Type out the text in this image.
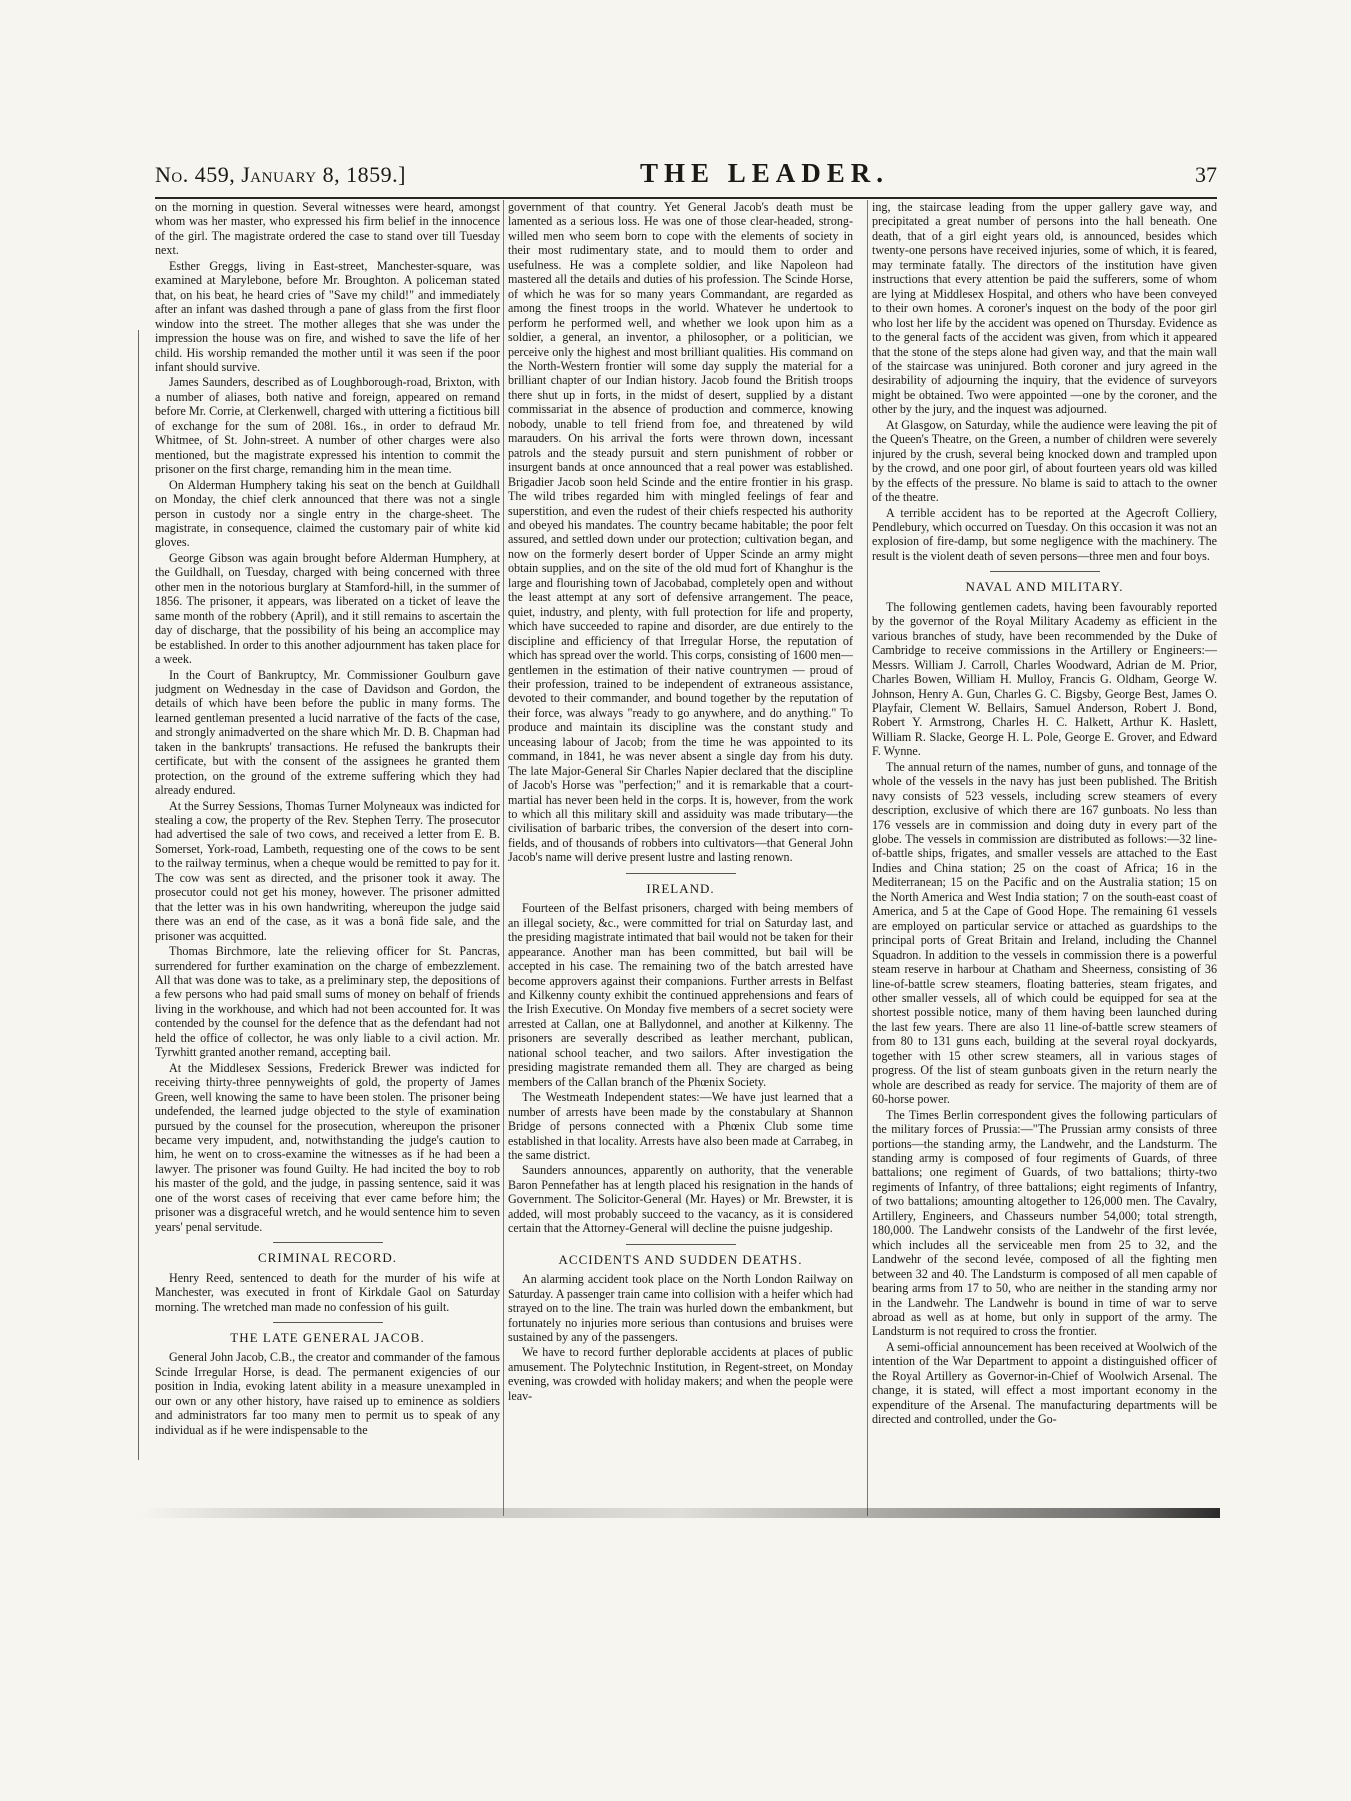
No. 459, January 8, 1859.]	THE LEADER.	37

on the morning in question. Several witnesses were heard, amongst whom was her master, who expressed his firm belief in the innocence of the girl. The magistrate ordered the case to stand over till Tuesday next.

Esther Greggs, living in East-street, Manchester-square, was examined at Marylebone, before Mr. Broughton. A policeman stated that, on his beat, he heard cries of "Save my child!" and immediately after an infant was dashed through a pane of glass from the first floor window into the street. The mother alleges that she was under the impression the house was on fire, and wished to save the life of her child. His worship remanded the mother until it was seen if the poor infant should survive.

James Saunders, described as of Loughborough-road, Brixton, with a number of aliases, both native and foreign, appeared on remand before Mr. Corrie, at Clerkenwell, charged with uttering a fictitious bill of exchange for the sum of 208l. 16s., in order to defraud Mr. Whitmee, of St. John-street. A number of other charges were also mentioned, but the magistrate expressed his intention to commit the prisoner on the first charge, remanding him in the mean time.

On Alderman Humphery taking his seat on the bench at Guildhall on Monday, the chief clerk announced that there was not a single person in custody nor a single entry in the charge-sheet. The magistrate, in consequence, claimed the customary pair of white kid gloves.

George Gibson was again brought before Alderman Humphery, at the Guildhall, on Tuesday, charged with being concerned with three other men in the notorious burglary at Stamford-hill, in the summer of 1856. The prisoner, it appears, was liberated on a ticket of leave the same month of the robbery (April), and it still remains to ascertain the day of discharge, that the possibility of his being an accomplice may be established. In order to this another adjournment has taken place for a week.

In the Court of Bankruptcy, Mr. Commissioner Goulburn gave judgment on Wednesday in the case of Davidson and Gordon, the details of which have been before the public in many forms. The learned gentleman presented a lucid narrative of the facts of the case, and strongly animadverted on the share which Mr. D. B. Chapman had taken in the bankrupts' transactions. He refused the bankrupts their certificate, but with the consent of the assignees he granted them protection, on the ground of the extreme suffering which they had already endured.

At the Surrey Sessions, Thomas Turner Molyneaux was indicted for stealing a cow, the property of the Rev. Stephen Terry. The prosecutor had advertised the sale of two cows, and received a letter from E. B. Somerset, York-road, Lambeth, requesting one of the cows to be sent to the railway terminus, when a cheque would be remitted to pay for it. The cow was sent as directed, and the prisoner took it away. The prosecutor could not get his money, however. The prisoner admitted that the letter was in his own handwriting, whereupon the judge said there was an end of the case, as it was a bonâ fide sale, and the prisoner was acquitted.

Thomas Birchmore, late the relieving officer for St. Pancras, surrendered for further examination on the charge of embezzlement. All that was done was to take, as a preliminary step, the depositions of a few persons who had paid small sums of money on behalf of friends living in the workhouse, and which had not been accounted for. It was contended by the counsel for the defence that as the defendant had not held the office of collector, he was only liable to a civil action. Mr. Tyrwhitt granted another remand, accepting bail.

At the Middlesex Sessions, Frederick Brewer was indicted for receiving thirty-three pennyweights of gold, the property of James Green, well knowing the same to have been stolen. The prisoner being undefended, the learned judge objected to the style of examination pursued by the counsel for the prosecution, whereupon the prisoner became very impudent, and, notwithstanding the judge's caution to him, he went on to cross-examine the witnesses as if he had been a lawyer. The prisoner was found Guilty. He had incited the boy to rob his master of the gold, and the judge, in passing sentence, said it was one of the worst cases of receiving that ever came before him; the prisoner was a disgraceful wretch, and he would sentence him to seven years' penal servitude.

CRIMINAL RECORD.

Henry Reed, sentenced to death for the murder of his wife at Manchester, was executed in front of Kirkdale Gaol on Saturday morning. The wretched man made no confession of his guilt.

THE LATE GENERAL JACOB.

General John Jacob, C.B., the creator and commander of the famous Scinde Irregular Horse, is dead. The permanent exigencies of our position in India, evoking latent ability in a measure unexampled in our own or any other history, have raised up to eminence as soldiers and administrators far too many men to permit us to speak of any individual as if he were indispensable to the

government of that country. Yet General Jacob's death must be lamented as a serious loss. He was one of those clear-headed, strong-willed men who seem born to cope with the elements of society in their most rudimentary state, and to mould them to order and usefulness. He was a complete soldier, and like Napoleon had mastered all the details and duties of his profession. The Scinde Horse, of which he was for so many years Commandant, are regarded as among the finest troops in the world. Whatever he undertook to perform he performed well, and whether we look upon him as a soldier, a general, an inventor, a philosopher, or a politician, we perceive only the highest and most brilliant qualities. His command on the North-Western frontier will some day supply the material for a brilliant chapter of our Indian history. Jacob found the British troops there shut up in forts, in the midst of desert, supplied by a distant commissariat in the absence of production and commerce, knowing nobody, unable to tell friend from foe, and threatened by wild marauders. On his arrival the forts were thrown down, incessant patrols and the steady pursuit and stern punishment of robber or insurgent bands at once announced that a real power was established. Brigadier Jacob soon held Scinde and the entire frontier in his grasp. The wild tribes regarded him with mingled feelings of fear and superstition, and even the rudest of their chiefs respected his authority and obeyed his mandates. The country became habitable; the poor felt assured, and settled down under our protection; cultivation began, and now on the formerly desert border of Upper Scinde an army might obtain supplies, and on the site of the old mud fort of Khanghur is the large and flourishing town of Jacobabad, completely open and without the least attempt at any sort of defensive arrangement. The peace, quiet, industry, and plenty, with full protection for life and property, which have succeeded to rapine and disorder, are due entirely to the discipline and efficiency of that Irregular Horse, the reputation of which has spread over the world. This corps, consisting of 1600 men—gentlemen in the estimation of their native countrymen — proud of their profession, trained to be independent of extraneous assistance, devoted to their commander, and bound together by the reputation of their force, was always "ready to go anywhere, and do anything." To produce and maintain its discipline was the constant study and unceasing labour of Jacob; from the time he was appointed to its command, in 1841, he was never absent a single day from his duty. The late Major-General Sir Charles Napier declared that the discipline of Jacob's Horse was "perfection;" and it is remarkable that a court-martial has never been held in the corps. It is, however, from the work to which all this military skill and assiduity was made tributary—the civilisation of barbaric tribes, the conversion of the desert into corn-fields, and of thousands of robbers into cultivators—that General John Jacob's name will derive present lustre and lasting renown.

IRELAND.

Fourteen of the Belfast prisoners, charged with being members of an illegal society, &c., were committed for trial on Saturday last, and the presiding magistrate intimated that bail would not be taken for their appearance. Another man has been committed, but bail will be accepted in his case. The remaining two of the batch arrested have become approvers against their companions. Further arrests in Belfast and Kilkenny county exhibit the continued apprehensions and fears of the Irish Executive. On Monday five members of a secret society were arrested at Callan, one at Ballydonnel, and another at Kilkenny. The prisoners are severally described as leather merchant, publican, national school teacher, and two sailors. After investigation the presiding magistrate remanded them all. They are charged as being members of the Callan branch of the Phœnix Society.

The Westmeath Independent states:—We have just learned that a number of arrests have been made by the constabulary at Shannon Bridge of persons connected with a Phœnix Club some time established in that locality. Arrests have also been made at Carrabeg, in the same district.

Saunders announces, apparently on authority, that the venerable Baron Pennefather has at length placed his resignation in the hands of Government. The Solicitor-General (Mr. Hayes) or Mr. Brewster, it is added, will most probably succeed to the vacancy, as it is considered certain that the Attorney-General will decline the puisne judgeship.

ACCIDENTS AND SUDDEN DEATHS.

An alarming accident took place on the North London Railway on Saturday. A passenger train came into collision with a heifer which had strayed on to the line. The train was hurled down the embankment, but fortunately no injuries more serious than contusions and bruises were sustained by any of the passengers.

We have to record further deplorable accidents at places of public amusement. The Polytechnic Institution, in Regent-street, on Monday evening, was crowded with holiday makers; and when the people were leav-

ing, the staircase leading from the upper gallery gave way, and precipitated a great number of persons into the hall beneath. One death, that of a girl eight years old, is announced, besides which twenty-one persons have received injuries, some of which, it is feared, may terminate fatally. The directors of the institution have given instructions that every attention be paid the sufferers, some of whom are lying at Middlesex Hospital, and others who have been conveyed to their own homes. A coroner's inquest on the body of the poor girl who lost her life by the accident was opened on Thursday. Evidence as to the general facts of the accident was given, from which it appeared that the stone of the steps alone had given way, and that the main wall of the staircase was uninjured. Both coroner and jury agreed in the desirability of adjourning the inquiry, that the evidence of surveyors might be obtained. Two were appointed —one by the coroner, and the other by the jury, and the inquest was adjourned.

At Glasgow, on Saturday, while the audience were leaving the pit of the Queen's Theatre, on the Green, a number of children were severely injured by the crush, several being knocked down and trampled upon by the crowd, and one poor girl, of about fourteen years old was killed by the effects of the pressure. No blame is said to attach to the owner of the theatre.

A terrible accident has to be reported at the Agecroft Colliery, Pendlebury, which occurred on Tuesday. On this occasion it was not an explosion of fire-damp, but some negligence with the machinery. The result is the violent death of seven persons—three men and four boys.

NAVAL AND MILITARY.

The following gentlemen cadets, having been favourably reported by the governor of the Royal Military Academy as efficient in the various branches of study, have been recommended by the Duke of Cambridge to receive commissions in the Artillery or Engineers:— Messrs. William J. Carroll, Charles Woodward, Adrian de M. Prior, Charles Bowen, William H. Mulloy, Francis G. Oldham, George W. Johnson, Henry A. Gun, Charles G. C. Bigsby, George Best, James O. Playfair, Clement W. Bellairs, Samuel Anderson, Robert J. Bond, Robert Y. Armstrong, Charles H. C. Halkett, Arthur K. Haslett, William R. Slacke, George H. L. Pole, George E. Grover, and Edward F. Wynne.

The annual return of the names, number of guns, and tonnage of the whole of the vessels in the navy has just been published. The British navy consists of 523 vessels, including screw steamers of every description, exclusive of which there are 167 gunboats. No less than 176 vessels are in commission and doing duty in every part of the globe. The vessels in commission are distributed as follows:—32 line-of-battle ships, frigates, and smaller vessels are attached to the East Indies and China station; 25 on the coast of Africa; 16 in the Mediterranean; 15 on the Pacific and on the Australia station; 15 on the North America and West India station; 7 on the south-east coast of America, and 5 at the Cape of Good Hope. The remaining 61 vessels are employed on particular service or attached as guardships to the principal ports of Great Britain and Ireland, including the Channel Squadron. In addition to the vessels in commission there is a powerful steam reserve in harbour at Chatham and Sheerness, consisting of 36 line-of-battle screw steamers, floating batteries, steam frigates, and other smaller vessels, all of which could be equipped for sea at the shortest possible notice, many of them having been launched during the last few years. There are also 11 line-of-battle screw steamers of from 80 to 131 guns each, building at the several royal dockyards, together with 15 other screw steamers, all in various stages of progress. Of the list of steam gunboats given in the return nearly the whole are described as ready for service. The majority of them are of 60-horse power.

The Times Berlin correspondent gives the following particulars of the military forces of Prussia:—"The Prussian army consists of three portions—the standing army, the Landwehr, and the Landsturm. The standing army is composed of four regiments of Guards, of three battalions; one regiment of Guards, of two battalions; thirty-two regiments of Infantry, of three battalions; eight regiments of Infantry, of two battalions; amounting altogether to 126,000 men. The Cavalry, Artillery, Engineers, and Chasseurs number 54,000; total strength, 180,000. The Landwehr consists of the Landwehr of the first levée, which includes all the serviceable men from 25 to 32, and the Landwehr of the second levée, composed of all the fighting men between 32 and 40. The Landsturm is composed of all men capable of bearing arms from 17 to 50, who are neither in the standing army nor in the Landwehr. The Landwehr is bound in time of war to serve abroad as well as at home, but only in support of the army. The Landsturm is not required to cross the frontier.

A semi-official announcement has been received at Woolwich of the intention of the War Department to appoint a distinguished officer of the Royal Artillery as Governor-in-Chief of Woolwich Arsenal. The change, it is stated, will effect a most important economy in the expenditure of the Arsenal. The manufacturing departments will be directed and controlled, under the Go-
